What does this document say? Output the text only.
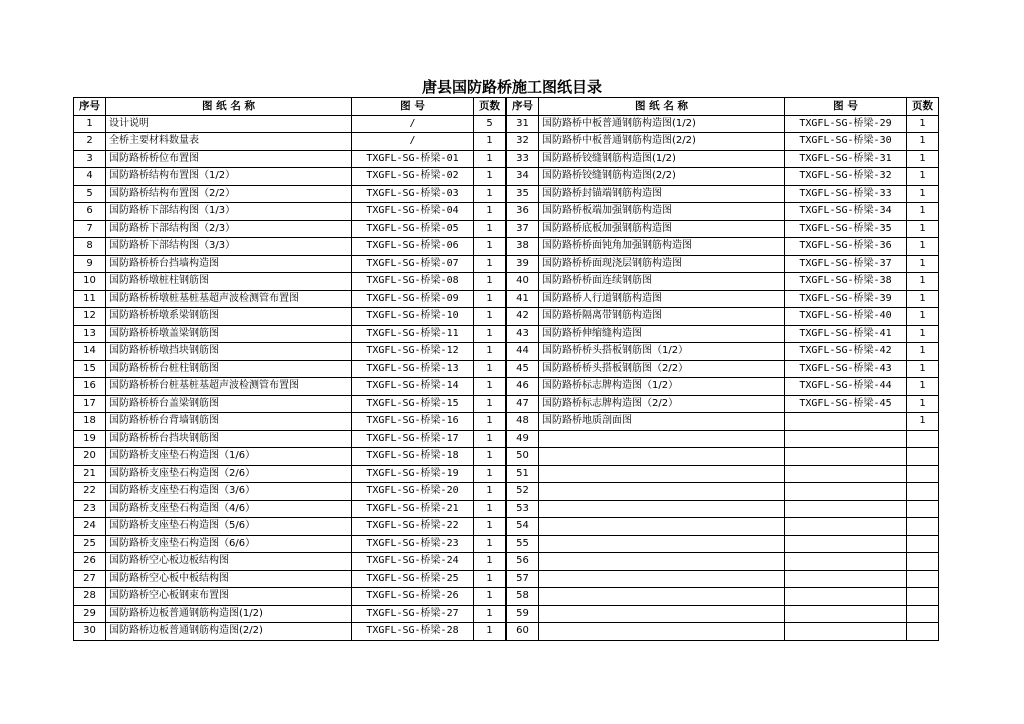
唐县国防路桥施工图纸目录
序号	图 纸 名 称	图 号	页数
1	设计说明	/	5
2	全桥主要材料数量表	/	1
3	国防路桥桥位布置图	TXGFL-SG-桥梁-01	1
4	国防路桥结构布置图（1/2）	TXGFL-SG-桥梁-02	1
5	国防路桥结构布置图（2/2）	TXGFL-SG-桥梁-03	1
6	国防路桥下部结构图（1/3）	TXGFL-SG-桥梁-04	1
7	国防路桥下部结构图（2/3）	TXGFL-SG-桥梁-05	1
8	国防路桥下部结构图（3/3）	TXGFL-SG-桥梁-06	1
9	国防路桥桥台挡墙构造图	TXGFL-SG-桥梁-07	1
10	国防路桥墩桩柱钢筋图	TXGFL-SG-桥梁-08	1
11	国防路桥桥墩桩基桩基超声波检测管布置图	TXGFL-SG-桥梁-09	1
12	国防路桥桥墩系梁钢筋图	TXGFL-SG-桥梁-10	1
13	国防路桥桥墩盖梁钢筋图	TXGFL-SG-桥梁-11	1
14	国防路桥桥墩挡块钢筋图	TXGFL-SG-桥梁-12	1
15	国防路桥桥台桩柱钢筋图	TXGFL-SG-桥梁-13	1
16	国防路桥桥台桩基桩基超声波检测管布置图	TXGFL-SG-桥梁-14	1
17	国防路桥桥台盖梁钢筋图	TXGFL-SG-桥梁-15	1
18	国防路桥桥台背墙钢筋图	TXGFL-SG-桥梁-16	1
19	国防路桥桥台挡块钢筋图	TXGFL-SG-桥梁-17	1
20	国防路桥支座垫石构造图（1/6）	TXGFL-SG-桥梁-18	1
21	国防路桥支座垫石构造图（2/6）	TXGFL-SG-桥梁-19	1
22	国防路桥支座垫石构造图（3/6）	TXGFL-SG-桥梁-20	1
23	国防路桥支座垫石构造图（4/6）	TXGFL-SG-桥梁-21	1
24	国防路桥支座垫石构造图（5/6）	TXGFL-SG-桥梁-22	1
25	国防路桥支座垫石构造图（6/6）	TXGFL-SG-桥梁-23	1
26	国防路桥空心板边板结构图	TXGFL-SG-桥梁-24	1
27	国防路桥空心板中板结构图	TXGFL-SG-桥梁-25	1
28	国防路桥空心板钢束布置图	TXGFL-SG-桥梁-26	1
29	国防路桥边板普通钢筋构造图(1/2)	TXGFL-SG-桥梁-27	1
30	国防路桥边板普通钢筋构造图(2/2)	TXGFL-SG-桥梁-28	1
序号	图 纸 名 称	图 号	页数
31	国防路桥中板普通钢筋构造图(1/2)	TXGFL-SG-桥梁-29	1
32	国防路桥中板普通钢筋构造图(2/2)	TXGFL-SG-桥梁-30	1
33	国防路桥铰缝钢筋构造图(1/2)	TXGFL-SG-桥梁-31	1
34	国防路桥铰缝钢筋构造图(2/2)	TXGFL-SG-桥梁-32	1
35	国防路桥封锚端钢筋构造图	TXGFL-SG-桥梁-33	1
36	国防路桥板端加强钢筋构造图	TXGFL-SG-桥梁-34	1
37	国防路桥底板加强钢筋构造图	TXGFL-SG-桥梁-35	1
38	国防路桥桥面钝角加强钢筋构造图	TXGFL-SG-桥梁-36	1
39	国防路桥桥面现浇层钢筋构造图	TXGFL-SG-桥梁-37	1
40	国防路桥桥面连续钢筋图	TXGFL-SG-桥梁-38	1
41	国防路桥人行道钢筋构造图	TXGFL-SG-桥梁-39	1
42	国防路桥隔离带钢筋构造图	TXGFL-SG-桥梁-40	1
43	国防路桥伸缩缝构造图	TXGFL-SG-桥梁-41	1
44	国防路桥桥头搭板钢筋图（1/2）	TXGFL-SG-桥梁-42	1
45	国防路桥桥头搭板钢筋图（2/2）	TXGFL-SG-桥梁-43	1
46	国防路桥标志牌构造图（1/2）	TXGFL-SG-桥梁-44	1
47	国防路桥标志牌构造图（2/2）	TXGFL-SG-桥梁-45	1
48	国防路桥地质剖面图		1
49			
50			
51			
52			
53			
54			
55			
56			
57			
58			
59			
60			
